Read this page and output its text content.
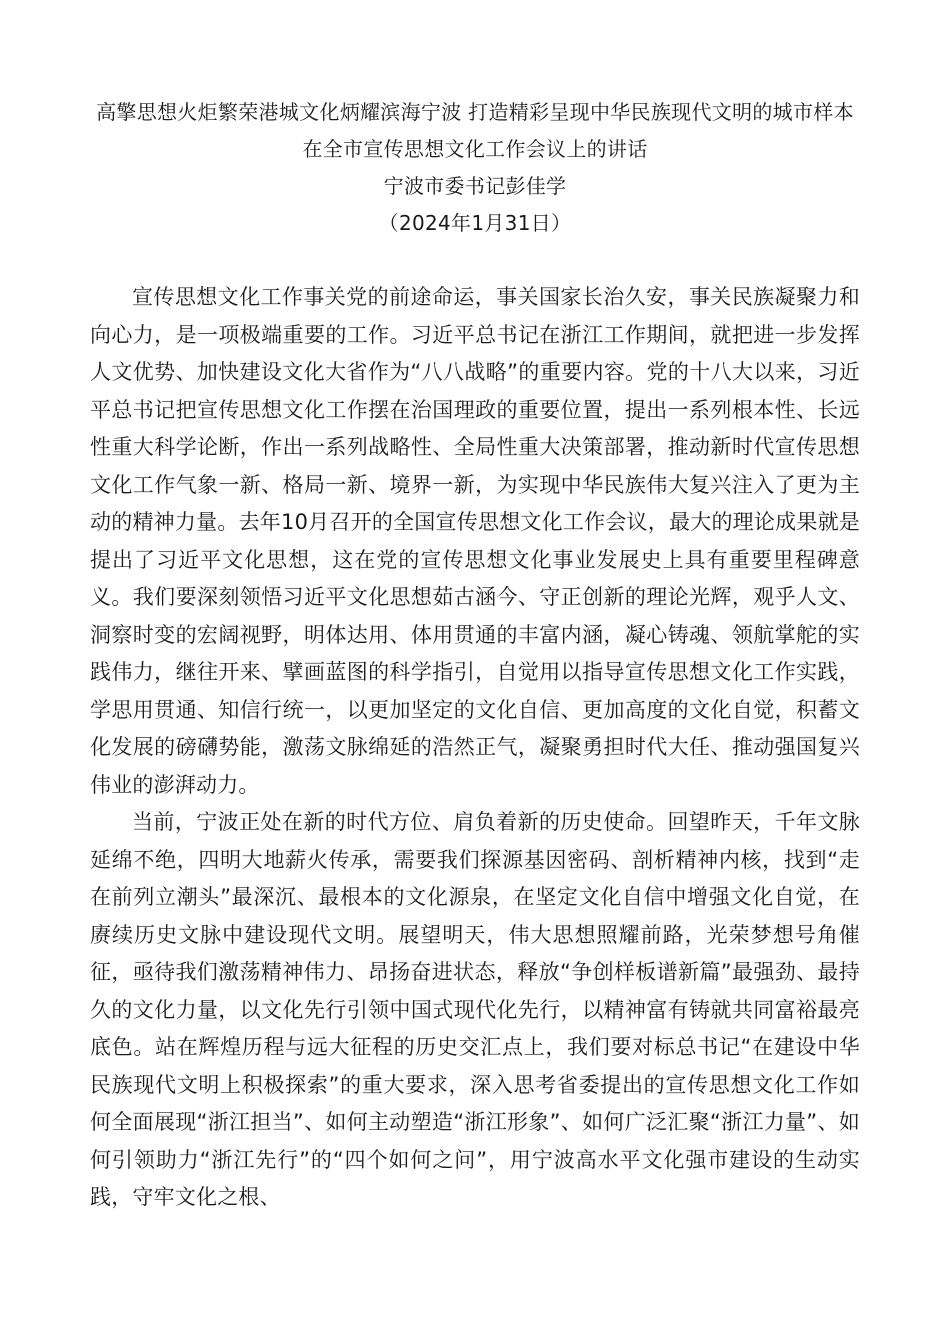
高擎思想火炬繁荣港城文化炳耀滨海宁波 打造精彩呈现中华民族现代文明的城市样本
在全市宣传思想文化工作会议上的讲话
宁波市委书记彭佳学
（2024年1月31日）

宣传思想文化工作事关党的前途命运，事关国家长治久安，事关民族凝聚力和向心力，是一项极端重要的工作。习近平总书记在浙江工作期间，就把进一步发挥人文优势、加快建设文化大省作为“八八战略”的重要内容。党的十八大以来，习近平总书记把宣传思想文化工作摆在治国理政的重要位置，提出一系列根本性、长远性重大科学论断，作出一系列战略性、全局性重大决策部署，推动新时代宣传思想文化工作气象一新、格局一新、境界一新，为实现中华民族伟大复兴注入了更为主动的精神力量。去年10月召开的全国宣传思想文化工作会议，最大的理论成果就是提出了习近平文化思想，这在党的宣传思想文化事业发展史上具有重要里程碑意义。我们要深刻领悟习近平文化思想茹古涵今、守正创新的理论光辉，观乎人文、洞察时变的宏阔视野，明体达用、体用贯通的丰富内涵，凝心铸魂、领航掌舵的实践伟力，继往开来、擘画蓝图的科学指引，自觉用以指导宣传思想文化工作实践，学思用贯通、知信行统一，以更加坚定的文化自信、更加高度的文化自觉，积蓄文化发展的磅礴势能，激荡文脉绵延的浩然正气，凝聚勇担时代大任、推动强国复兴伟业的澎湃动力。

当前，宁波正处在新的时代方位、肩负着新的历史使命。回望昨天，千年文脉延绵不绝，四明大地薪火传承，需要我们探源基因密码、剖析精神内核，找到“走在前列立潮头”最深沉、最根本的文化源泉，在坚定文化自信中增强文化自觉，在赓续历史文脉中建设现代文明。展望明天，伟大思想照耀前路，光荣梦想号角催征，亟待我们激荡精神伟力、昂扬奋进状态，释放“争创样板谱新篇”最强劲、最持久的文化力量，以文化先行引领中国式现代化先行，以精神富有铸就共同富裕最亮底色。站在辉煌历程与远大征程的历史交汇点上，我们要对标总书记“在建设中华民族现代文明上积极探索”的重大要求，深入思考省委提出的宣传思想文化工作如何全面展现“浙江担当”、如何主动塑造“浙江形象”、如何广泛汇聚“浙江力量”、如何引领助力“浙江先行”的“四个如何之问”，用宁波高水平文化强市建设的生动实践，守牢文化之根、
